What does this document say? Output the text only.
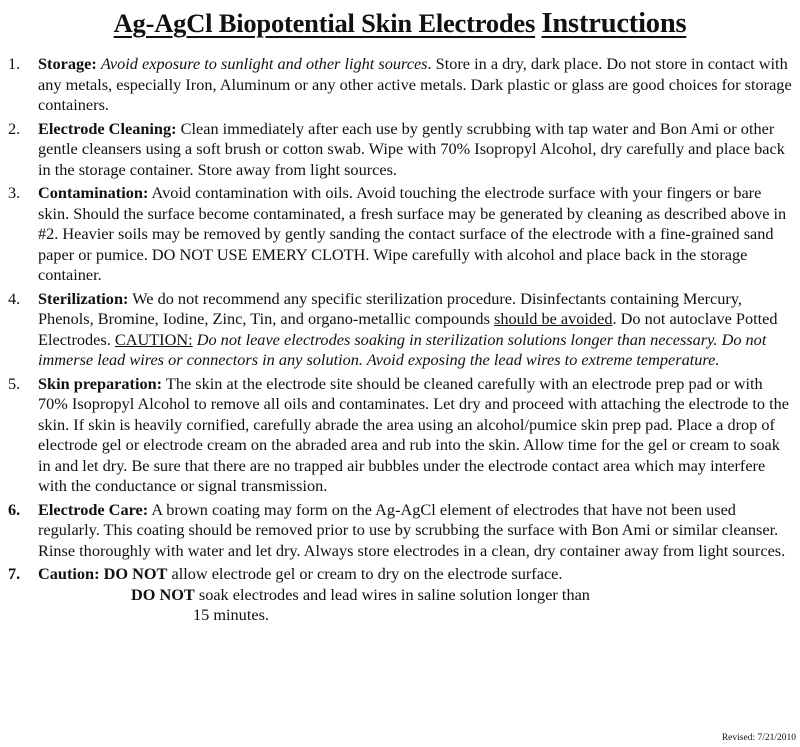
Ag-AgCl Biopotential Skin Electrodes Instructions
1.	Storage: Avoid exposure to sunlight and other light sources. Store in a dry, dark place. Do not store in contact with any metals, especially Iron, Aluminum or any other active metals. Dark plastic or glass are good choices for storage containers.
2.	Electrode Cleaning: Clean immediately after each use by gently scrubbing with tap water and Bon Ami or other gentle cleansers using a soft brush or cotton swab. Wipe with 70% Isopropyl Alcohol, dry carefully and place back in the storage container. Store away from light sources.
3.	Contamination: Avoid contamination with oils. Avoid touching the electrode surface with your fingers or bare skin. Should the surface become contaminated, a fresh surface may be generated by cleaning as described above in #2. Heavier soils may be removed by gently sanding the contact surface of the electrode with a fine-grained sand paper or pumice. DO NOT USE EMERY CLOTH. Wipe carefully with alcohol and place back in the storage container.
4.	Sterilization: We do not recommend any specific sterilization procedure. Disinfectants containing Mercury, Phenols, Bromine, Iodine, Zinc, Tin, and organo-metallic compounds should be avoided. Do not autoclave Potted Electrodes. CAUTION: Do not leave electrodes soaking in sterilization solutions longer than necessary. Do not immerse lead wires or connectors in any solution. Avoid exposing the lead wires to extreme temperature.
5.	Skin preparation: The skin at the electrode site should be cleaned carefully with an electrode prep pad or with 70% Isopropyl Alcohol to remove all oils and contaminates. Let dry and proceed with attaching the electrode to the skin. If skin is heavily cornified, carefully abrade the area using an alcohol/pumice skin prep pad. Place a drop of electrode gel or electrode cream on the abraded area and rub into the skin. Allow time for the gel or cream to soak in and let dry. Be sure that there are no trapped air bubbles under the electrode contact area which may interfere with the conductance or signal transmission.
6.	Electrode Care: A brown coating may form on the Ag-AgCl element of electrodes that have not been used regularly. This coating should be removed prior to use by scrubbing the surface with Bon Ami or similar cleanser. Rinse thoroughly with water and let dry. Always store electrodes in a clean, dry container away from light sources.
7.	Caution: DO NOT allow electrode gel or cream to dry on the electrode surface.
DO NOT soak electrodes and lead wires in saline solution longer than
15 minutes.
Revised: 7/21/2010
